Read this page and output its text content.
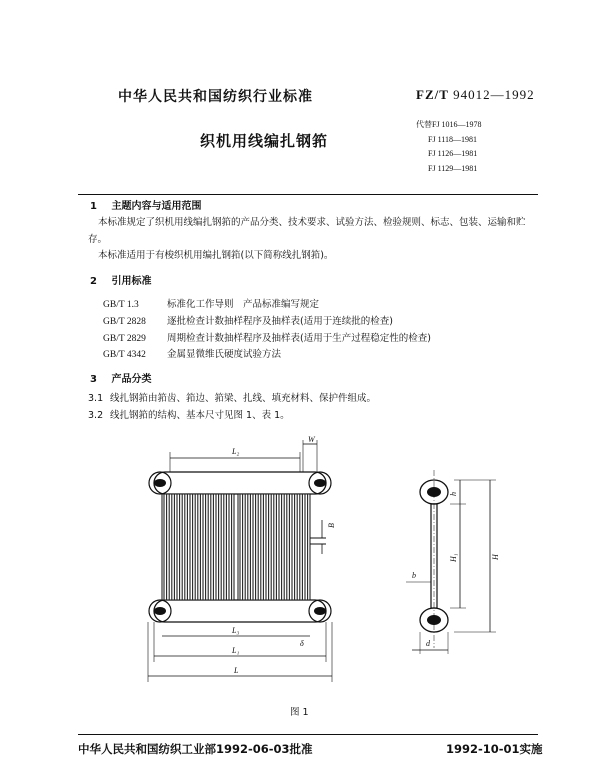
中华人民共和国纺织行业标准	FZ/T 94012—1992
织机用线编扎钢筘
代替FJ 1016—1978
FJ 1118—1981
FJ 1126—1981
FJ 1129—1981
1 主题内容与适用范围
本标准规定了织机用线编扎钢筘的产品分类、技术要求、试验方法、检验规则、标志、包装、运输和贮
存。
本标准适用于有梭织机用编扎钢筘(以下简称线扎钢筘)。
2 引用标准
GB/T 1.3	标准化工作导则　产品标准编写规定
GB/T 2828 逐批检查计数抽样程序及抽样表(适用于连续批的检查)
GB/T 2829 周期检查计数抽样程序及抽样表(适用于生产过程稳定性的检查)
GB/T 4342 金属显微维氏硬度试验方法
3 产品分类
3.1 线扎钢筘由筘齿、筘边、筘梁、扎线、填充材料、保护件组成。
3.2 线扎钢筘的结构、基本尺寸见图 1、表 1。
B
L₂
W
L₃
δ
L₁
L
H
H₁
h
b
d
图 1
中华人民共和国纺织工业部1992-06-03批准	1992-10-01实施
